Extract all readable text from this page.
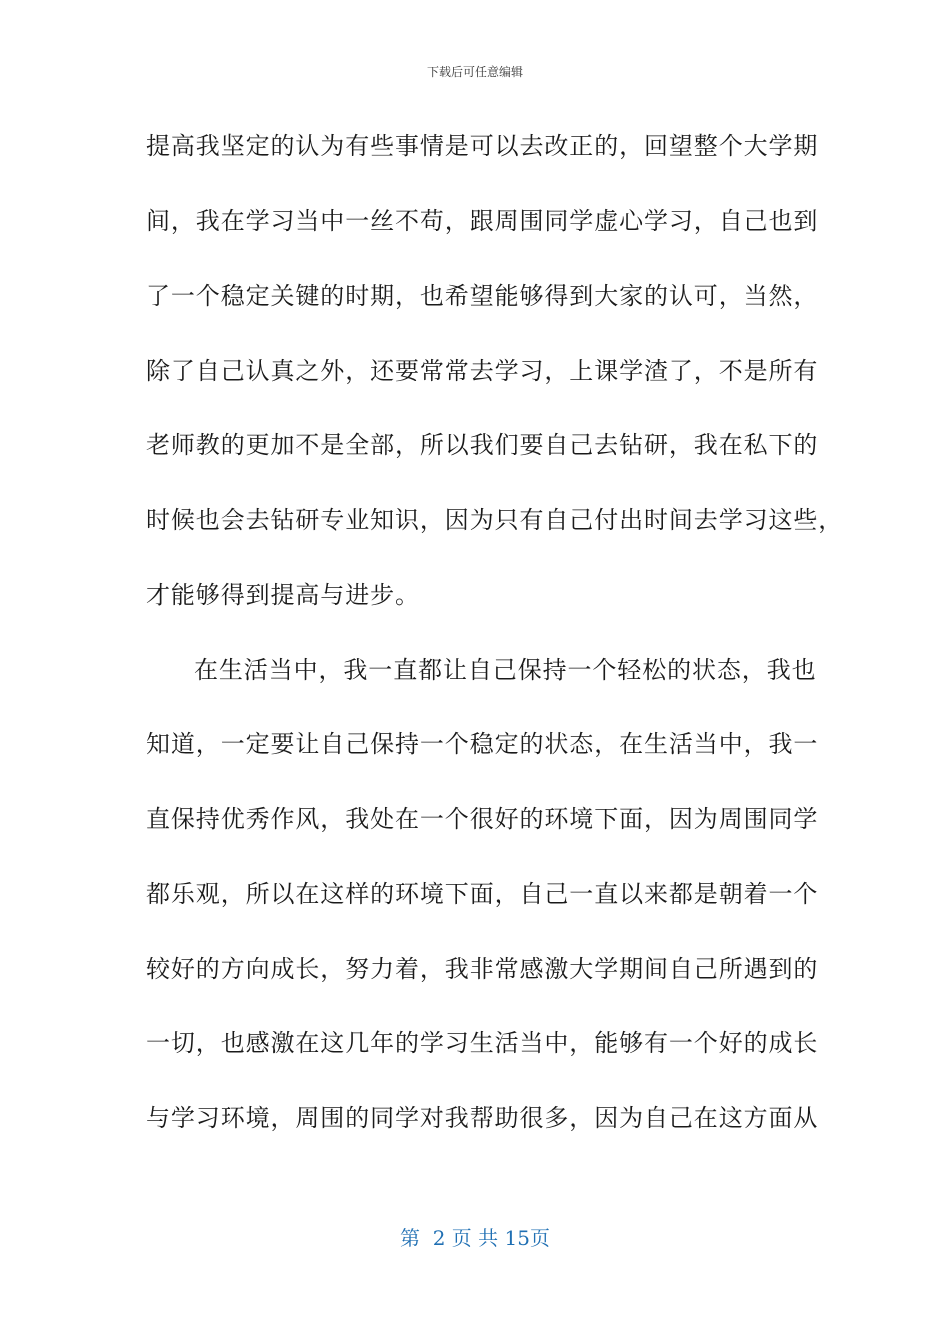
下载后可任意编辑
提高我坚定的认为有些事情是可以去改正的，回望整个大学期
间，我在学习当中一丝不苟，跟周围同学虚心学习，自己也到
了一个稳定关键的时期，也希望能够得到大家的认可，当然，
除了自己认真之外，还要常常去学习，上课学渣了，不是所有
老师教的更加不是全部，所以我们要自己去钻研，我在私下的
时候也会去钻研专业知识，因为只有自己付出时间去学习这些，
才能够得到提高与进步。
在生活当中，我一直都让自己保持一个轻松的状态，我也
知道，一定要让自己保持一个稳定的状态，在生活当中，我一
直保持优秀作风，我处在一个很好的环境下面，因为周围同学
都乐观，所以在这样的环境下面，自己一直以来都是朝着一个
较好的方向成长，努力着，我非常感激大学期间自己所遇到的
一切，也感激在这几年的学习生活当中，能够有一个好的成长
与学习环境，周围的同学对我帮助很多，因为自己在这方面从
第  2 页 共 15页
